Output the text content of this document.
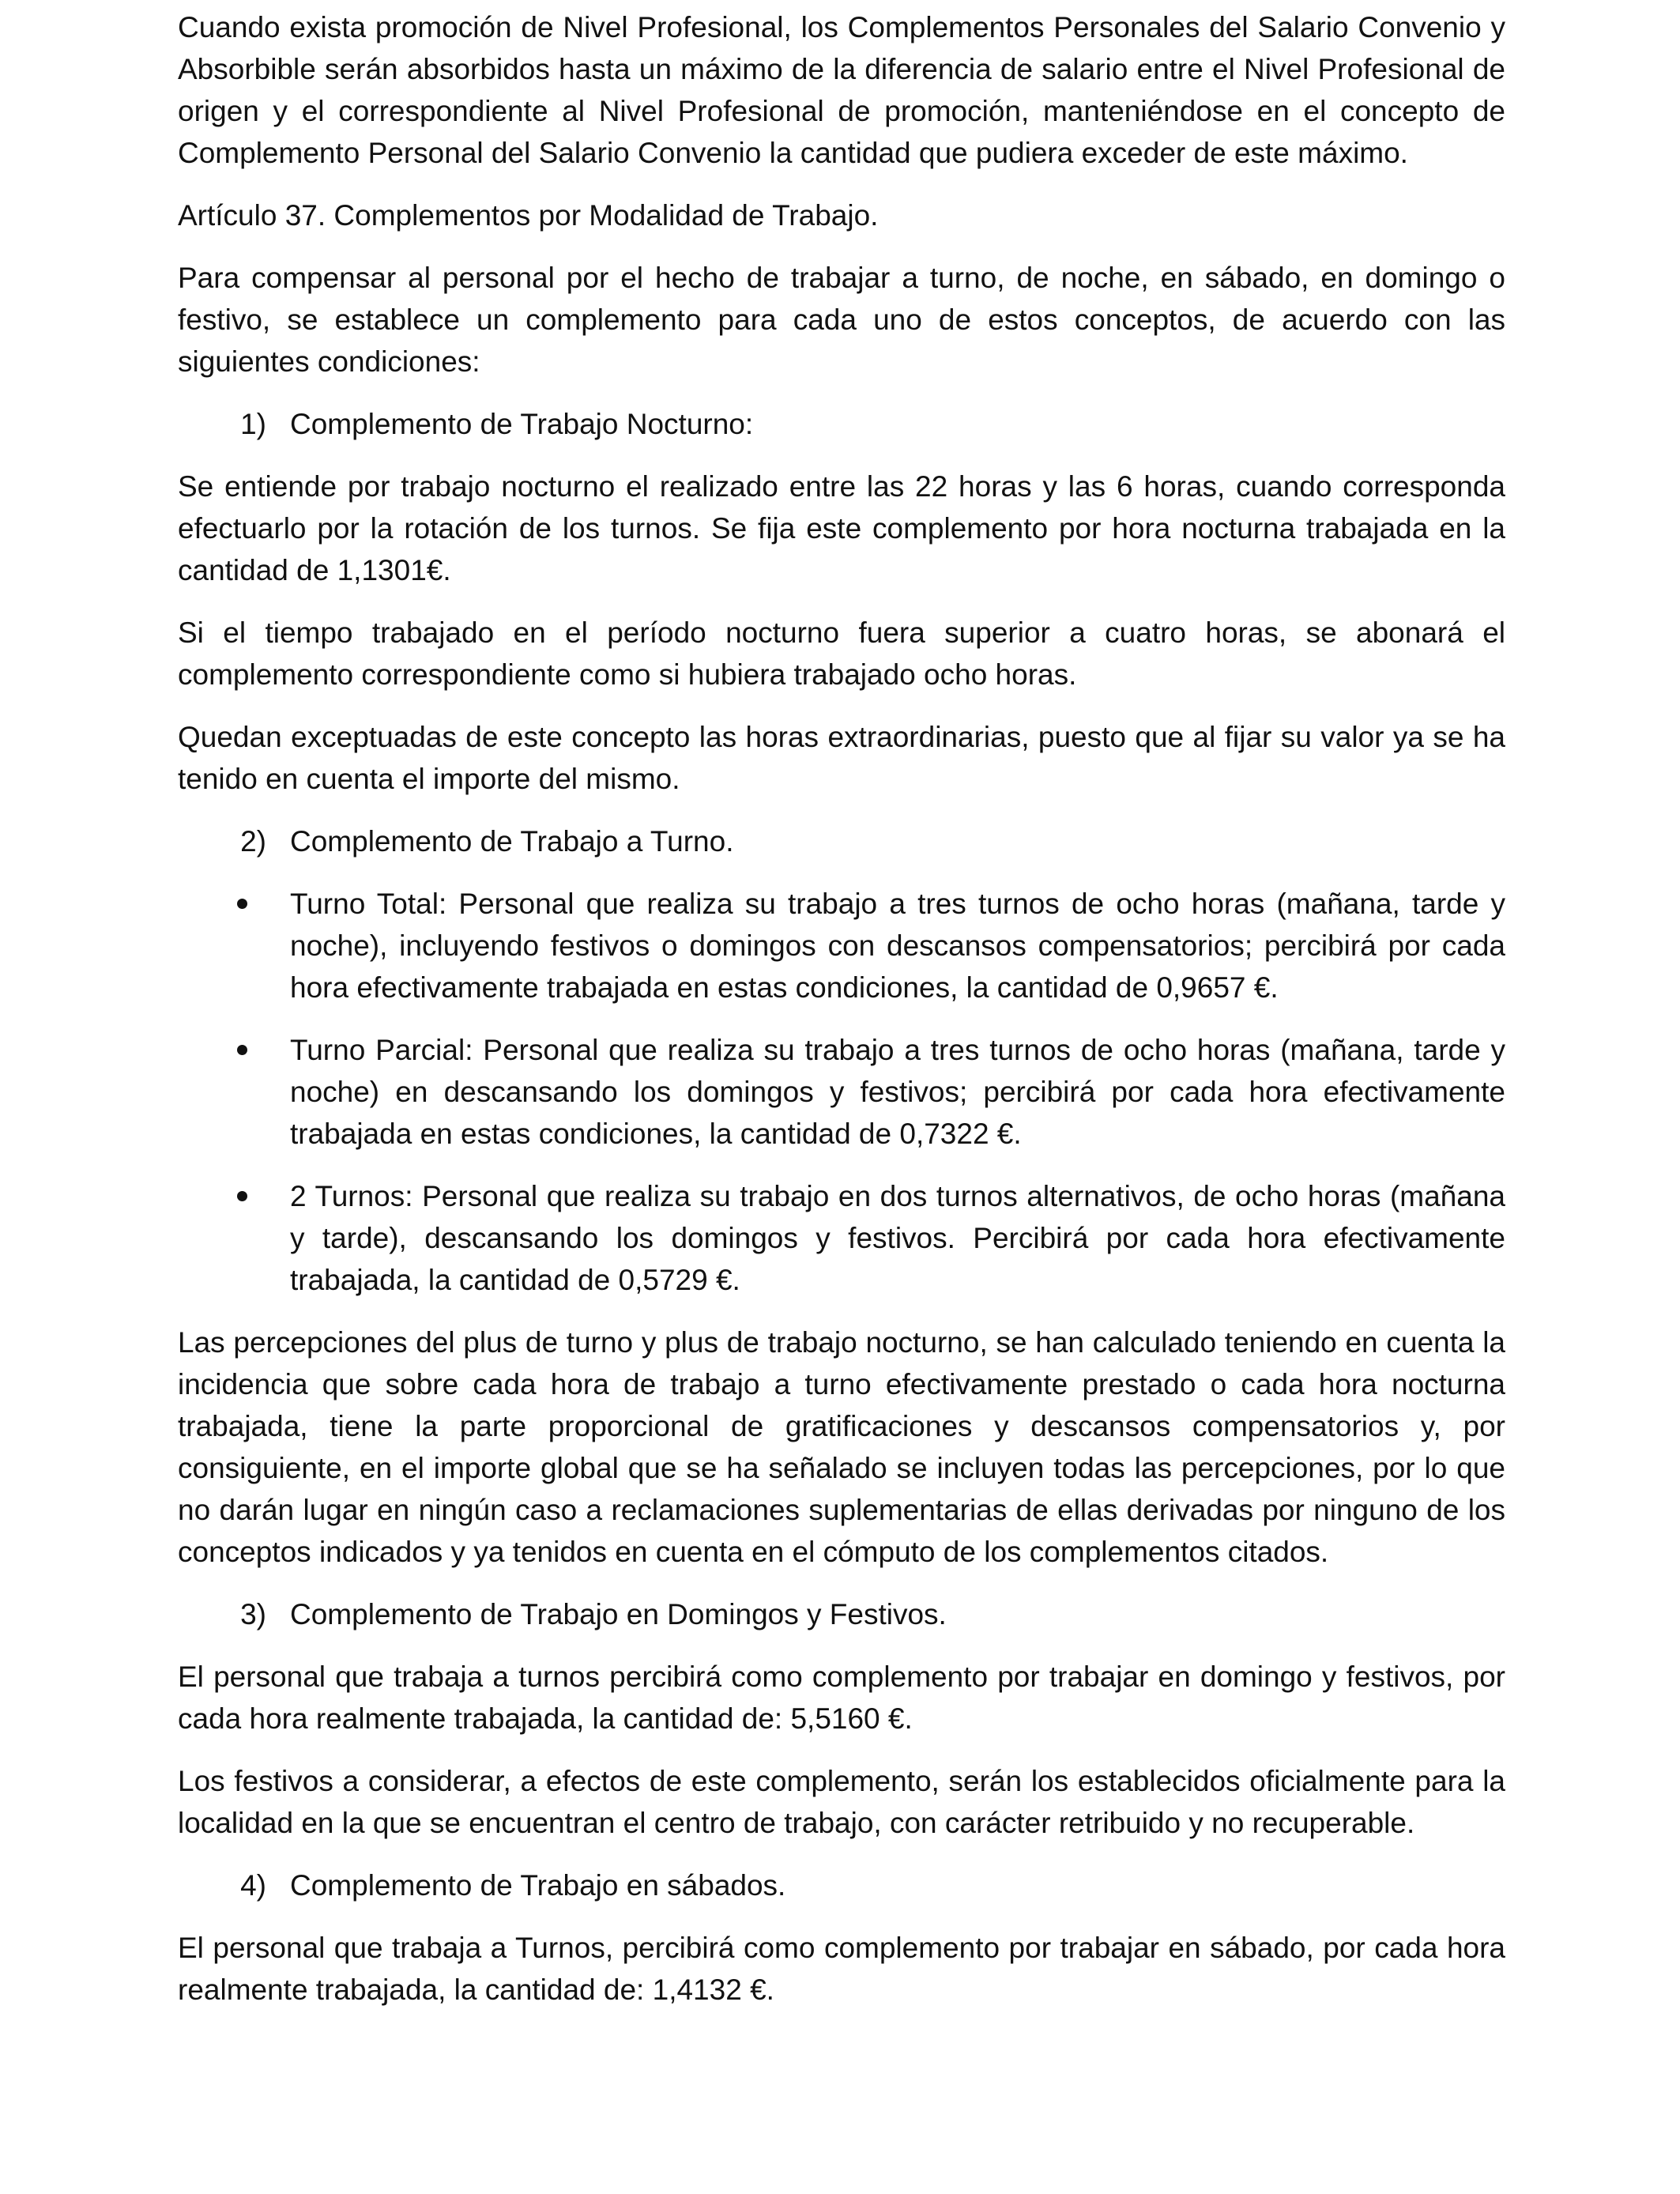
Cuando exista promoción de Nivel Profesional, los Complementos Personales del Salario Convenio y Absorbible serán absorbidos hasta un máximo de la diferencia de salario entre el Nivel Profesional de origen y el correspondiente al Nivel Profesional de promoción, manteniéndose en el concepto de Complemento Personal del Salario Convenio la cantidad que pudiera exceder de este máximo.

Artículo 37. Complementos por Modalidad de Trabajo.

Para compensar al personal por el hecho de trabajar a turno, de noche, en sábado, en domingo o festivo, se establece un complemento para cada uno de estos conceptos, de acuerdo con las siguientes condiciones:

1) Complemento de Trabajo Nocturno:

Se entiende por trabajo nocturno el realizado entre las 22 horas y las 6 horas, cuando corresponda efectuarlo por la rotación de los turnos. Se fija este complemento por hora nocturna trabajada en la cantidad de 1,1301€.

Si el tiempo trabajado en el período nocturno fuera superior a cuatro horas, se abonará el complemento correspondiente como si hubiera trabajado ocho horas.

Quedan exceptuadas de este concepto las horas extraordinarias, puesto que al fijar su valor ya se ha tenido en cuenta el importe del mismo.

2) Complemento de Trabajo a Turno.
Turno Total: Personal que realiza su trabajo a tres turnos de ocho horas (mañana, tarde y noche), incluyendo festivos o domingos con descansos compensatorios; percibirá por cada hora efectivamente trabajada en estas condiciones, la cantidad de 0,9657 €.
Turno Parcial: Personal que realiza su trabajo a tres turnos de ocho horas (mañana, tarde y noche) en descansando los domingos y festivos; percibirá por cada hora efectivamente trabajada en estas condiciones, la cantidad de 0,7322 €.
2 Turnos: Personal que realiza su trabajo en dos turnos alternativos, de ocho horas (mañana y tarde), descansando los domingos y festivos. Percibirá por cada hora efectivamente trabajada, la cantidad de 0,5729 €.

Las percepciones del plus de turno y plus de trabajo nocturno, se han calculado teniendo en cuenta la incidencia que sobre cada hora de trabajo a turno efectivamente prestado o cada hora nocturna trabajada, tiene la parte proporcional de gratificaciones y descansos compensatorios y, por consiguiente, en el importe global que se ha señalado se incluyen todas las percepciones, por lo que no darán lugar en ningún caso a reclamaciones suplementarias de ellas derivadas por ninguno de los conceptos indicados y ya tenidos en cuenta en el cómputo de los complementos citados.

3) Complemento de Trabajo en Domingos y Festivos.

El personal que trabaja a turnos percibirá como complemento por trabajar en domingo y festivos, por cada hora realmente trabajada, la cantidad de: 5,5160 €.

Los festivos a considerar, a efectos de este complemento, serán los establecidos oficialmente para la localidad en la que se encuentran el centro de trabajo, con carácter retribuido y no recuperable.

4) Complemento de Trabajo en sábados.

El personal que trabaja a Turnos, percibirá como complemento por trabajar en sábado, por cada hora realmente trabajada, la cantidad de: 1,4132 €.
